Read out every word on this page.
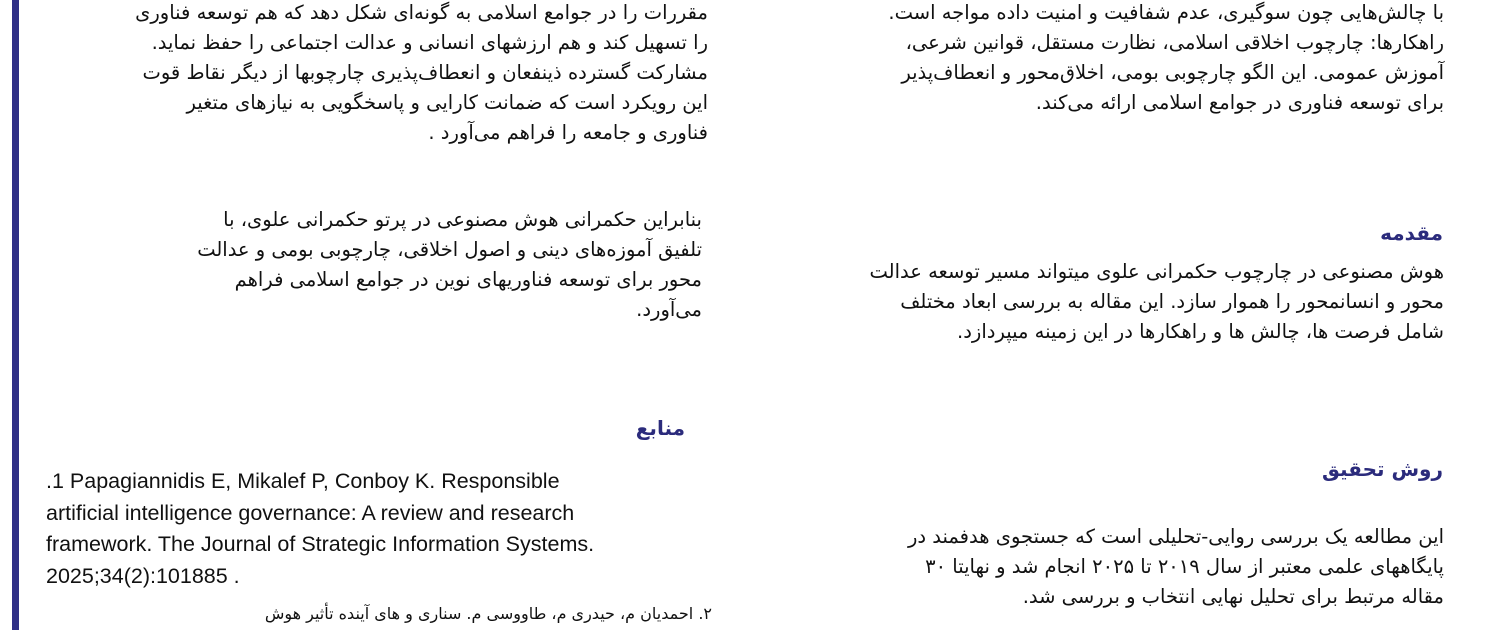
با چالش‌هایی چون سوگیری، عدم شفافیت و امنیت داده مواجه است.

راهکارها: چارچوب اخلاقی اسلامی، نظارت مستقل، قوانین شرعی،

آموزش عمومی. این الگو چارچوبی بومی، اخلاق‌محور و انعطاف‌پذیر

برای توسعه فناوری در جوامع اسلامی ارائه می‌کند.

مقدمه

هوش مصنوعی در چارچوب حکمرانی علوی میتواند مسیر توسعه عدالت

محور و انسانمحور را هموار سازد. این مقاله به بررسی ابعاد مختلف

شامل فرصت ها، چالش ها و راهکارها در این زمینه میپردازد.

روش تحقیق

این مطالعه یک بررسی روایی-تحلیلی است که جستجوی هدفمند در

پایگاههای علمی معتبر از سال ۲۰۱۹ تا ۲۰۲۵ انجام شد و نهایتا ۳۰

مقاله مرتبط برای تحلیل نهایی انتخاب و بررسی شد.

مقررات را در جوامع اسلامی به گونه‌ای شکل دهد که هم توسعه فناوری

را تسهیل کند و هم ارزشهای انسانی و عدالت اجتماعی را حفظ نماید.

مشارکت گسترده ذینفعان و انعطاف‌پذیری چارچوبها از دیگر نقاط قوت

این رویکرد است که ضمانت کارایی و پاسخگویی به نیازهای متغیر

فناوری و جامعه را فراهم می‌آورد .

بنابراین حکمرانی هوش مصنوعی در پرتو حکمرانی علوی، با

تلفیق آموزه‌های دینی و اصول اخلاقی، چارچوبی بومی و عدالت

محور برای توسعه فناوریهای نوین در جوامع اسلامی فراهم

می‌آورد.

منابع
.1 Papagiannidis E, Mikalef P, Conboy K. Responsible
artificial intelligence governance: A review and research
framework. The Journal of Strategic Information Systems.
2025;34(2):101885 .
۲. احمدیان م، حیدری م، طاووسی م. سناری و های آینده تأثیر هوش
